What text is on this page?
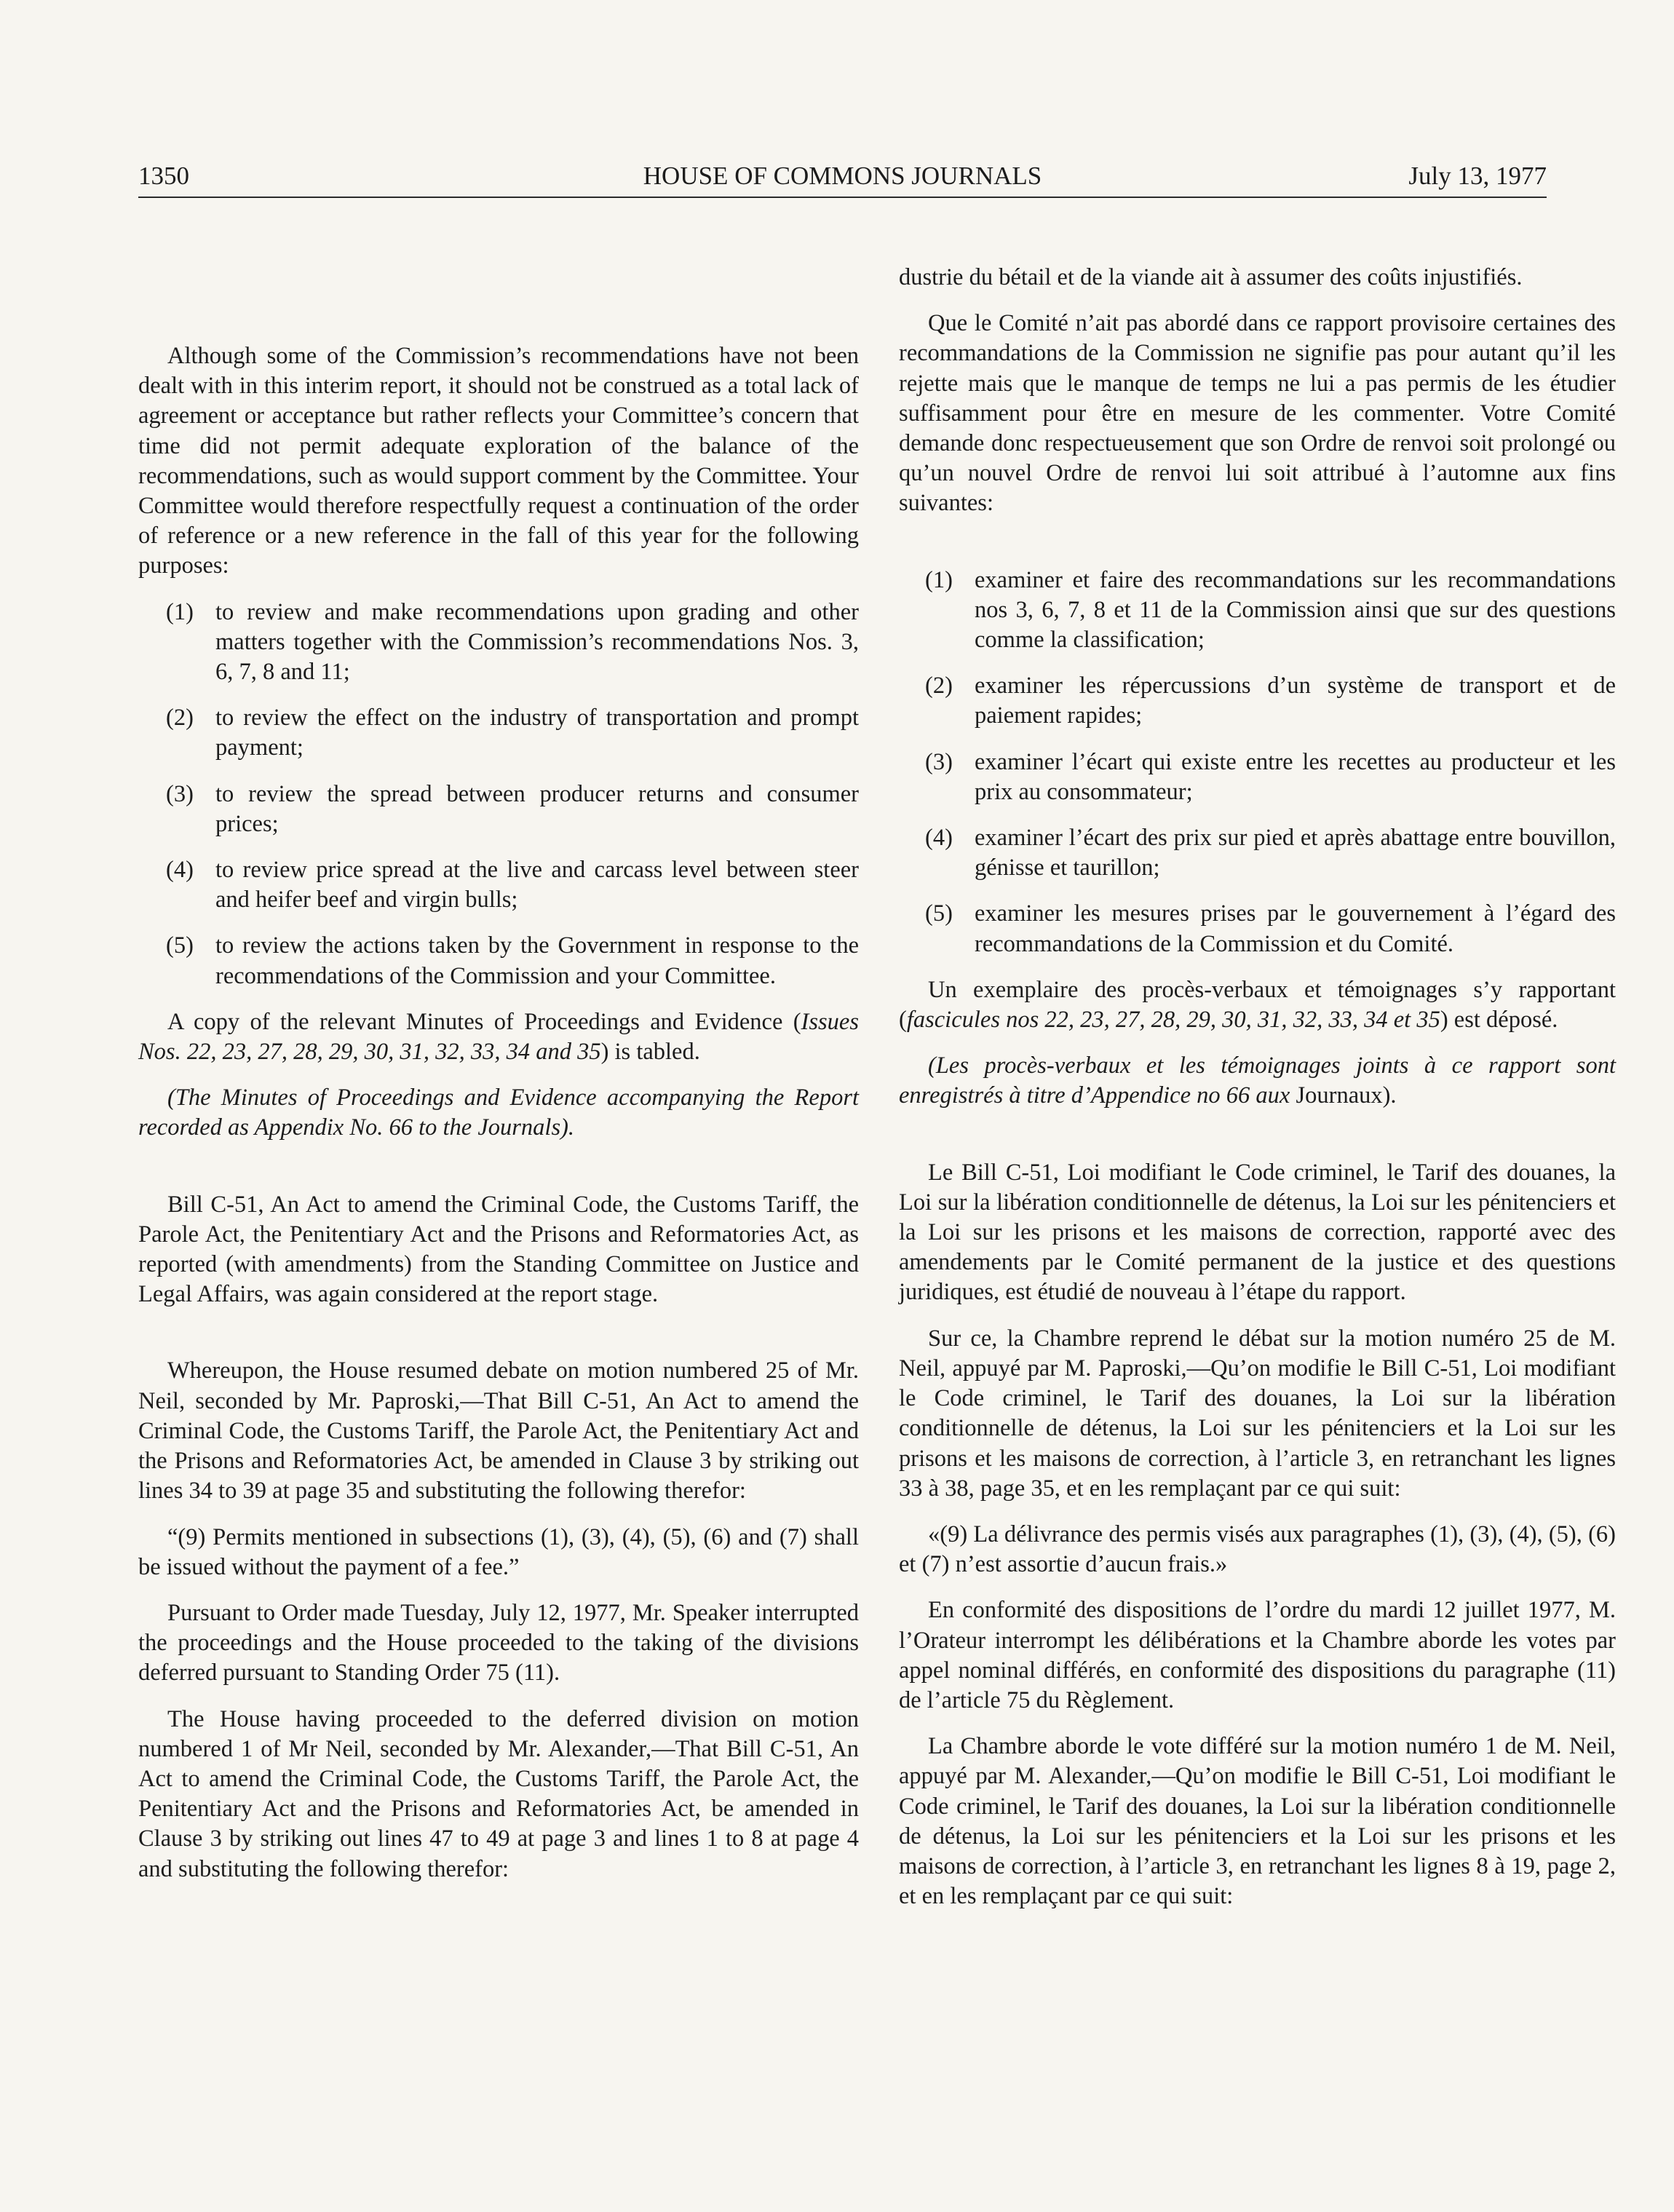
1350	HOUSE OF COMMONS JOURNALS	July 13, 1977

Although some of the Commission’s recommendations have not been dealt with in this interim report, it should not be construed as a total lack of agreement or acceptance but rather reflects your Committee’s concern that time did not permit adequate exploration of the balance of the recommendations, such as would support comment by the Committee. Your Committee would therefore respectfully request a continuation of the order of reference or a new reference in the fall of this year for the following purposes:

(1) to review and make recommendations upon grading and other matters together with the Commission’s recommendations Nos. 3, 6, 7, 8 and 11;
(2) to review the effect on the industry of transportation and prompt payment;
(3) to review the spread between producer returns and consumer prices;
(4) to review price spread at the live and carcass level between steer and heifer beef and virgin bulls;
(5) to review the actions taken by the Government in response to the recommendations of the Commission and your Committee.

A copy of the relevant Minutes of Proceedings and Evidence (Issues Nos. 22, 23, 27, 28, 29, 30, 31, 32, 33, 34 and 35) is tabled.

(The Minutes of Proceedings and Evidence accompanying the Report recorded as Appendix No. 66 to the Journals).

Bill C-51, An Act to amend the Criminal Code, the Customs Tariff, the Parole Act, the Penitentiary Act and the Prisons and Reformatories Act, as reported (with amendments) from the Standing Committee on Justice and Legal Affairs, was again considered at the report stage.

Whereupon, the House resumed debate on motion numbered 25 of Mr. Neil, seconded by Mr. Paproski,—That Bill C-51, An Act to amend the Criminal Code, the Customs Tariff, the Parole Act, the Penitentiary Act and the Prisons and Reformatories Act, be amended in Clause 3 by striking out lines 34 to 39 at page 35 and substituting the following therefor:

“(9) Permits mentioned in subsections (1), (3), (4), (5), (6) and (7) shall be issued without the payment of a fee.”

Pursuant to Order made Tuesday, July 12, 1977, Mr. Speaker interrupted the proceedings and the House proceeded to the taking of the divisions deferred pursuant to Standing Order 75 (11).

The House having proceeded to the deferred division on motion numbered 1 of Mr Neil, seconded by Mr. Alexander,—That Bill C-51, An Act to amend the Criminal Code, the Customs Tariff, the Parole Act, the Penitentiary Act and the Prisons and Reformatories Act, be amended in Clause 3 by striking out lines 47 to 49 at page 3 and lines 1 to 8 at page 4 and substituting the following therefor:

dustrie du bétail et de la viande ait à assumer des coûts injustifiés.

Que le Comité n’ait pas abordé dans ce rapport provisoire certaines des recommandations de la Commission ne signifie pas pour autant qu’il les rejette mais que le manque de temps ne lui a pas permis de les étudier suffisamment pour être en mesure de les commenter. Votre Comité demande donc respectueusement que son Ordre de renvoi soit prolongé ou qu’un nouvel Ordre de renvoi lui soit attribué à l’automne aux fins suivantes:

(1) examiner et faire des recommandations sur les recommandations nos 3, 6, 7, 8 et 11 de la Commission ainsi que sur des questions comme la classification;
(2) examiner les répercussions d’un système de transport et de paiement rapides;
(3) examiner l’écart qui existe entre les recettes au producteur et les prix au consommateur;
(4) examiner l’écart des prix sur pied et après abattage entre bouvillon, génisse et taurillon;
(5) examiner les mesures prises par le gouvernement à l’égard des recommandations de la Commission et du Comité.

Un exemplaire des procès-verbaux et témoignages s’y rapportant (fascicules nos 22, 23, 27, 28, 29, 30, 31, 32, 33, 34 et 35) est déposé.

(Les procès-verbaux et les témoignages joints à ce rapport sont enregistrés à titre d’Appendice no 66 aux Journaux).

Le Bill C-51, Loi modifiant le Code criminel, le Tarif des douanes, la Loi sur la libération conditionnelle de détenus, la Loi sur les pénitenciers et la Loi sur les prisons et les maisons de correction, rapporté avec des amendements par le Comité permanent de la justice et des questions juridiques, est étudié de nouveau à l’étape du rapport.

Sur ce, la Chambre reprend le débat sur la motion numéro 25 de M. Neil, appuyé par M. Paproski,—Qu’on modifie le Bill C-51, Loi modifiant le Code criminel, le Tarif des douanes, la Loi sur la libération conditionnelle de détenus, la Loi sur les pénitenciers et la Loi sur les prisons et les maisons de correction, à l’article 3, en retranchant les lignes 33 à 38, page 35, et en les remplaçant par ce qui suit:

«(9) La délivrance des permis visés aux paragraphes (1), (3), (4), (5), (6) et (7) n’est assortie d’aucun frais.»

En conformité des dispositions de l’ordre du mardi 12 juillet 1977, M. l’Orateur interrompt les délibérations et la Chambre aborde les votes par appel nominal différés, en conformité des dispositions du paragraphe (11) de l’article 75 du Règlement.

La Chambre aborde le vote différé sur la motion numéro 1 de M. Neil, appuyé par M. Alexander,—Qu’on modifie le Bill C-51, Loi modifiant le Code criminel, le Tarif des douanes, la Loi sur la libération conditionnelle de détenus, la Loi sur les pénitenciers et la Loi sur les prisons et les maisons de correction, à l’article 3, en retranchant les lignes 8 à 19, page 2, et en les remplaçant par ce qui suit:
